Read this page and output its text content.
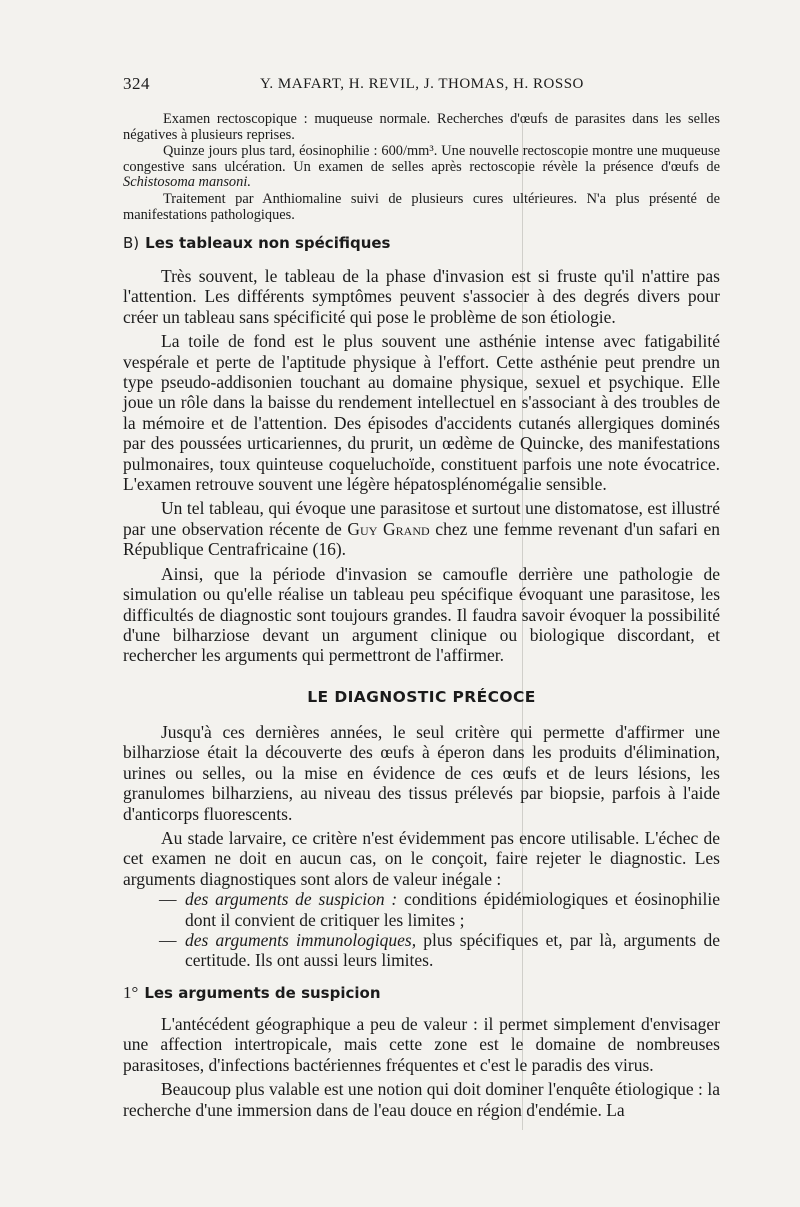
324	Y. MAFART, H. REVIL, J. THOMAS, H. ROSSO

Examen rectoscopique : muqueuse normale. Recherches d'œufs de parasites dans les selles négatives à plusieurs reprises.

Quinze jours plus tard, éosinophilie : 600/mm³. Une nouvelle rectoscopie montre une muqueuse congestive sans ulcération. Un examen de selles après rectoscopie révèle la présence d'œufs de Schistosoma mansoni.

Traitement par Anthiomaline suivi de plusieurs cures ultérieures. N'a plus présenté de manifestations pathologiques.

B) Les tableaux non spécifiques

Très souvent, le tableau de la phase d'invasion est si fruste qu'il n'attire pas l'attention. Les différents symptômes peuvent s'associer à des degrés divers pour créer un tableau sans spécificité qui pose le problème de son étiologie.

La toile de fond est le plus souvent une asthénie intense avec fatigabilité vespérale et perte de l'aptitude physique à l'effort. Cette asthénie peut prendre un type pseudo-addisonien touchant au domaine physique, sexuel et psychique. Elle joue un rôle dans la baisse du rendement intellectuel en s'associant à des troubles de la mémoire et de l'attention. Des épisodes d'accidents cutanés allergiques dominés par des poussées urticariennes, du prurit, un œdème de Quincke, des manifestations pulmonaires, toux quinteuse coqueluchoïde, constituent parfois une note évocatrice. L'examen retrouve souvent une légère hépatosplénomégalie sensible.

Un tel tableau, qui évoque une parasitose et surtout une distomatose, est illustré par une observation récente de Guy Grand chez une femme revenant d'un safari en République Centrafricaine (16).

Ainsi, que la période d'invasion se camoufle derrière une pathologie de simulation ou qu'elle réalise un tableau peu spécifique évoquant une parasitose, les difficultés de diagnostic sont toujours grandes. Il faudra savoir évoquer la possibilité d'une bilharziose devant un argument clinique ou biologique discordant, et rechercher les arguments qui permettront de l'affirmer.

LE DIAGNOSTIC PRÉCOCE

Jusqu'à ces dernières années, le seul critère qui permette d'affirmer une bilharziose était la découverte des œufs à éperon dans les produits d'élimination, urines ou selles, ou la mise en évidence de ces œufs et de leurs lésions, les granulomes bilharziens, au niveau des tissus prélevés par biopsie, parfois à l'aide d'anticorps fluorescents.

Au stade larvaire, ce critère n'est évidemment pas encore utilisable. L'échec de cet examen ne doit en aucun cas, on le conçoit, faire rejeter le diagnostic. Les arguments diagnostiques sont alors de valeur inégale :

— des arguments de suspicion : conditions épidémiologiques et éosinophilie dont il convient de critiquer les limites ;
— des arguments immunologiques, plus spécifiques et, par là, arguments de certitude. Ils ont aussi leurs limites.
1° Les arguments de suspicion

L'antécédent géographique a peu de valeur : il permet simplement d'envisager une affection intertropicale, mais cette zone est le domaine de nombreuses parasitoses, d'infections bactériennes fréquentes et c'est le paradis des virus.

Beaucoup plus valable est une notion qui doit dominer l'enquête étiologique : la recherche d'une immersion dans de l'eau douce en région d'endémie. La
